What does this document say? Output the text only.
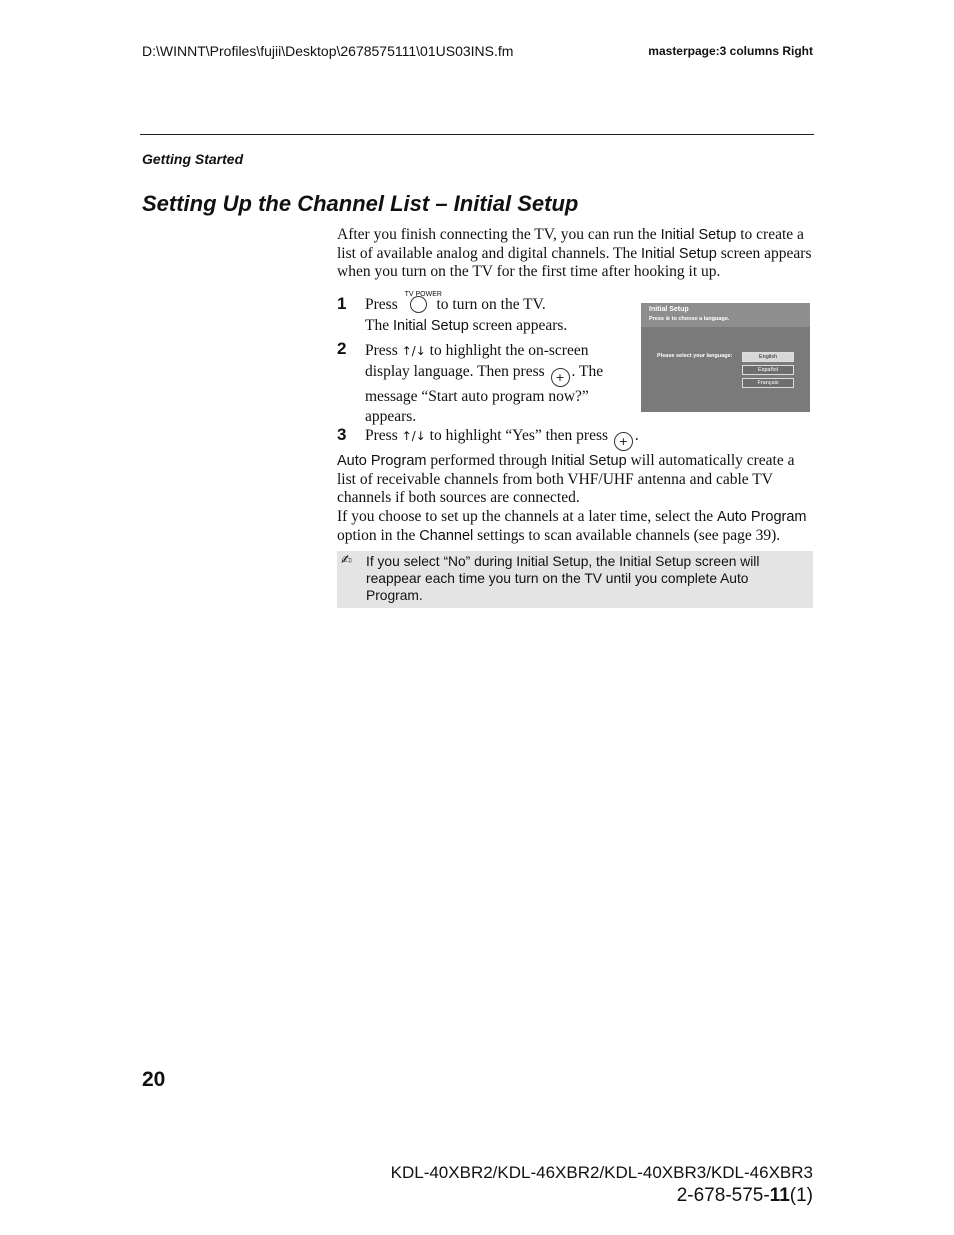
D:\WINNT\Profiles\fujii\Desktop\2678575111\01US03INS.fm	masterpage:3 columns Right
Getting Started
Setting Up the Channel List – Initial Setup
After you finish connecting the TV, you can run the Initial Setup to create a list of available analog and digital channels. The Initial Setup screen appears when you turn on the TV for the first time after hooking it up.
1 Press
TV POWER
to turn on the TV.
The Initial Setup screen appears.
2 Press ↑/↓ to highlight the on-screen display language. Then press + . The message “Start auto program now?” appears.
3 Press ↑/↓ to highlight “Yes” then press + .
Initial Setup
Press ⊕ to choose a language.
Please select your language:	English
Español
Français
Auto Program performed through Initial Setup will automatically create a list of receivable channels from both VHF/UHF antenna and cable TV channels if both sources are connected.
If you choose to set up the channels at a later time, select the Auto Program option in the Channel settings to scan available channels (see page 39).
✍ If you select “No” during Initial Setup, the Initial Setup screen will reappear each time you turn on the TV until you complete Auto Program.
20
KDL-40XBR2/KDL-46XBR2/KDL-40XBR3/KDL-46XBR3
2-678-575-11(1)
